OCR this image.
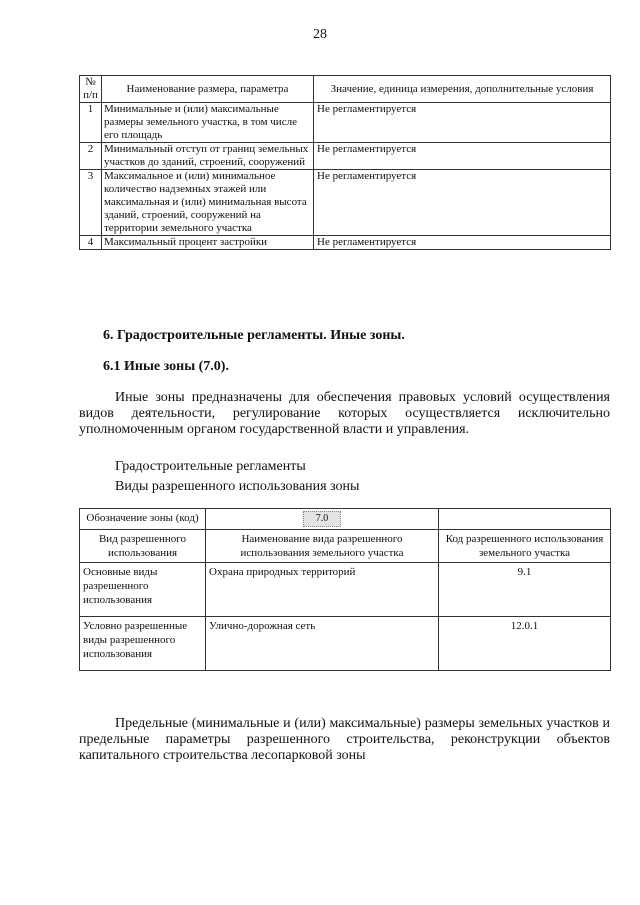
28
№ п/п	Наименование размера, параметра	Значение, единица измерения, дополнительные условия
1	Минимальные и (или) максимальные размеры земельного участка, в том числе его площадь	Не регламентируется
2	Минимальный отступ от границ земельных участков до зданий, строений, сооружений	Не регламентируется
3	Максимальное и (или) минимальное количество надземных этажей или максимальная и (или) минимальная высота зданий, строений, сооружений на территории земельного участка	Не регламентируется
4	Максимальный процент застройки	Не регламентируется
6. Градостроительные регламенты. Иные зоны.
6.1 Иные зоны (7.0).
Иные зоны предназначены для обеспечения правовых условий осуществления видов деятельности, регулирование которых осуществляется исключительно уполномоченным органом государственной власти и управления.
Градостроительные регламенты
Виды разрешенного использования зоны
Обозначение зоны (код)	7.0	
Вид разрешенного использования	Наименование вида разрешенного использования земельного участка	Код разрешенного использования земельного участка
Основные виды разрешенного использования	Охрана природных территорий	9.1
Условно разрешенные виды разрешенного использования	Улично-дорожная сеть	12.0.1
Предельные (минимальные и (или) максимальные) размеры земельных участков и предельные параметры разрешенного строительства, реконструкции объектов капитального строительства лесопарковой зоны
